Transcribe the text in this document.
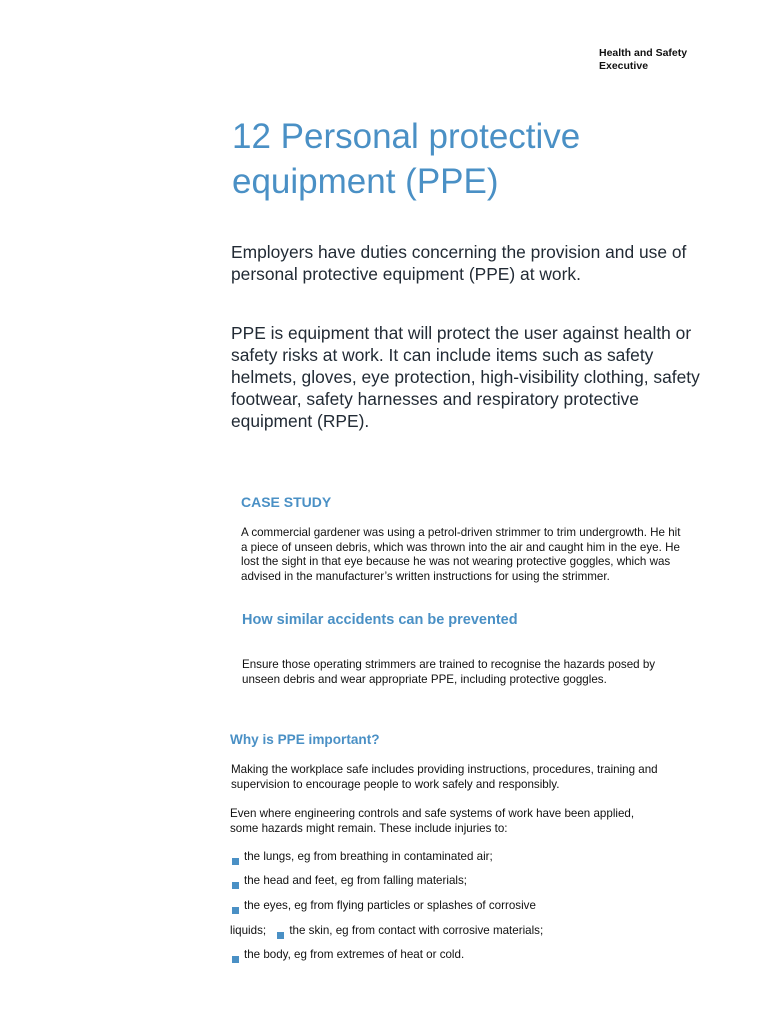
Health and Safety
Executive
12 Personal protective equipment (PPE)

Employers have duties concerning the provision and use of personal protective equipment (PPE) at work.

PPE is equipment that will protect the user against health or safety risks at work. It can include items such as safety helmets, gloves, eye protection, high-visibility clothing, safety footwear, safety harnesses and respiratory protective equipment (RPE).

CASE STUDY

A commercial gardener was using a petrol-driven strimmer to trim undergrowth. He hit a piece of unseen debris, which was thrown into the air and caught him in the eye. He lost the sight in that eye because he was not wearing protective goggles, which was advised in the manufacturer’s written instructions for using the strimmer.

How similar accidents can be prevented

Ensure those operating strimmers are trained to recognise the hazards posed by unseen debris and wear appropriate PPE, including protective goggles.

Why is PPE important?

Making the workplace safe includes providing instructions, procedures, training and supervision to encourage people to work safely and responsibly.

Even where engineering controls and safe systems of work have been applied, some hazards might remain. These include injuries to:

the lungs, eg from breathing in contaminated air;
the head and feet, eg from falling materials;
the eyes, eg from flying particles or splashes of corrosive
liquids; the skin, eg from contact with corrosive materials;
the body, eg from extremes of heat or cold.
